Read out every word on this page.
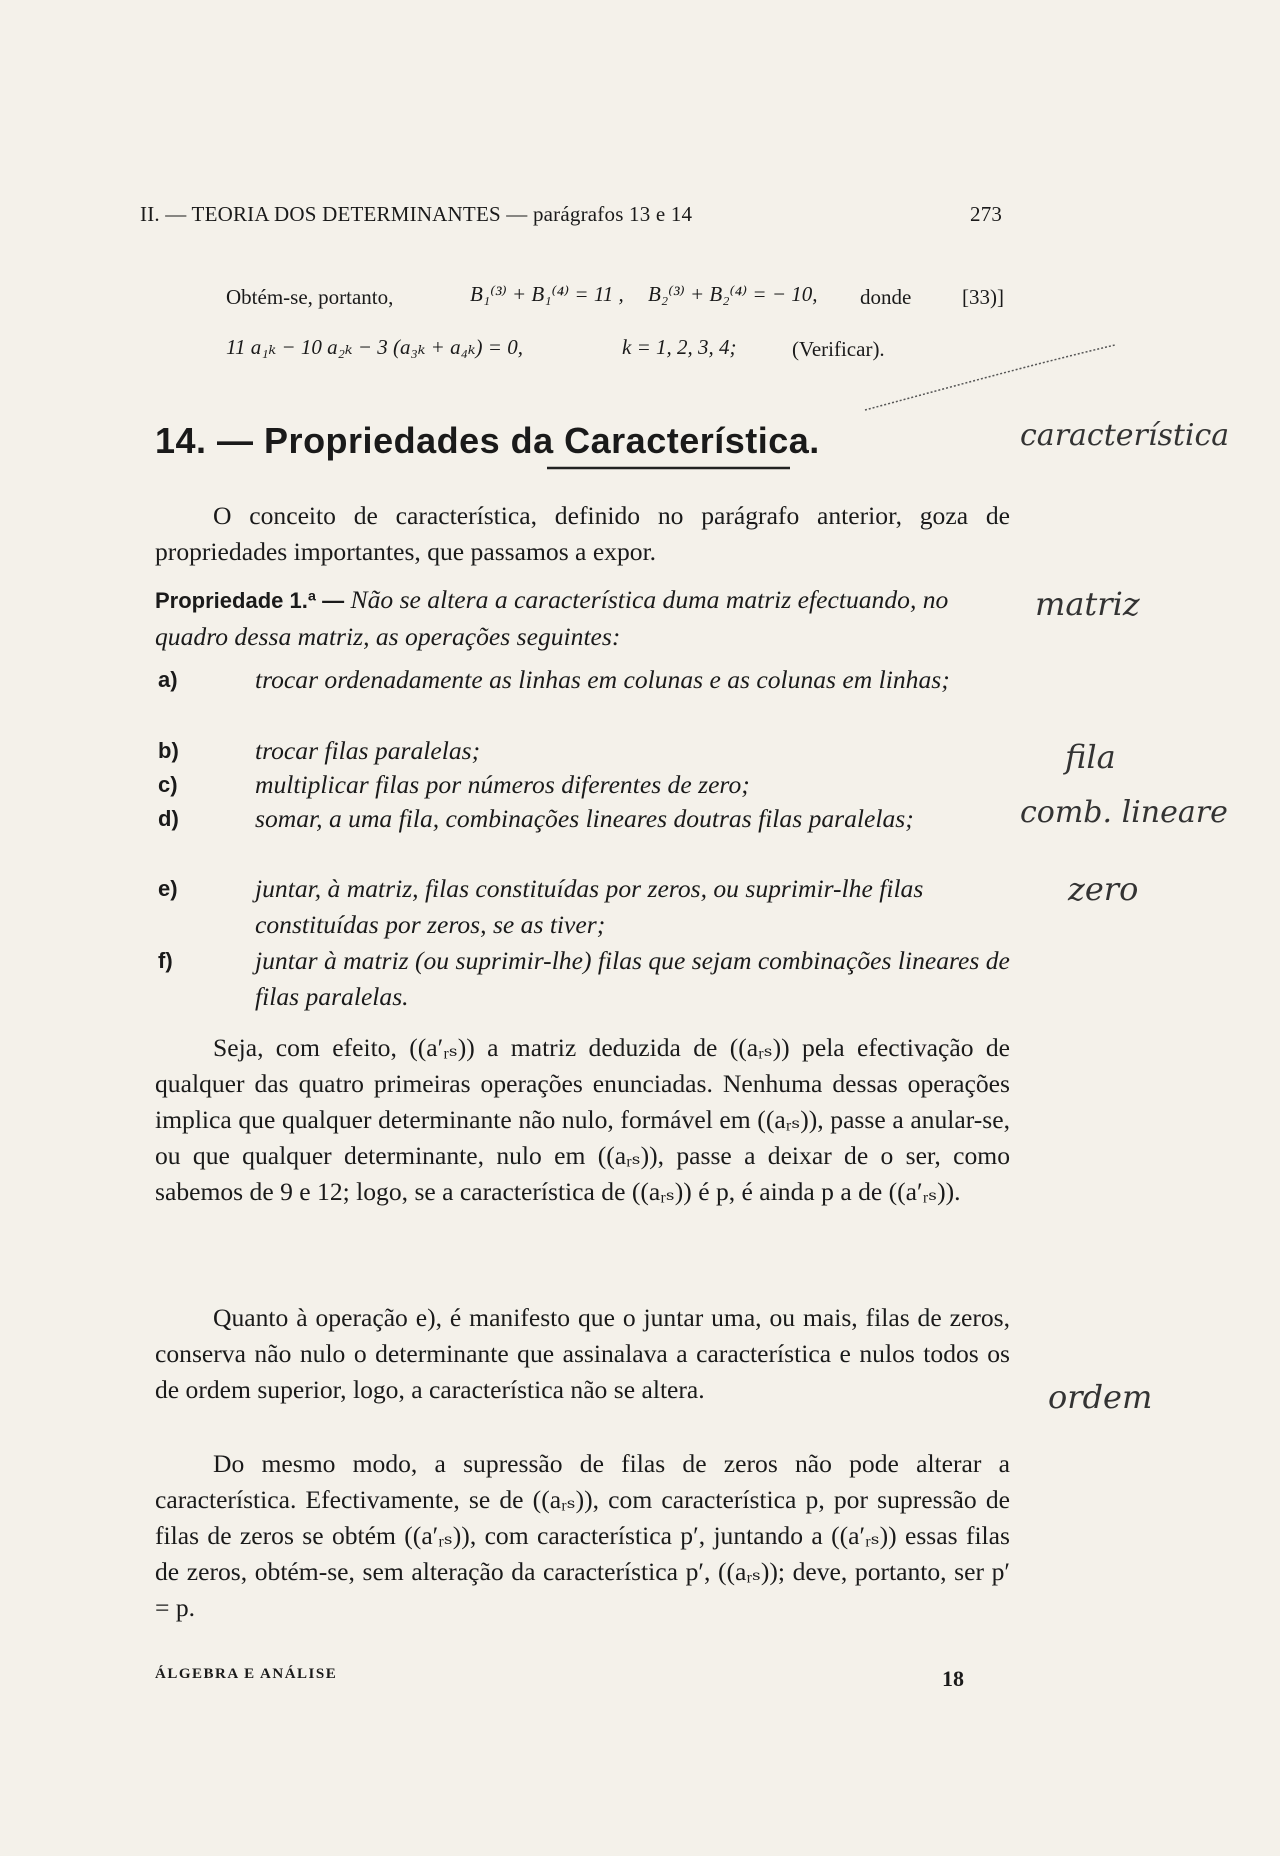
II. — TEORIA DOS DETERMINANTES — parágrafos 13 e 14	273
Obtém-se, portanto,	B₁⁽³⁾ + B₁⁽⁴⁾ = 11 , B₂⁽³⁾ + B₂⁽⁴⁾ = − 10, donde [33)]
11 a₁ₖ − 10 a₂ₖ − 3 (a₃ₖ + a₄ₖ) = 0,	k = 1, 2, 3, 4;	(Verificar).
14. — Propriedades da Característica.
O conceito de característica, definido no parágrafo anterior, goza de propriedades importantes, que passamos a expor.
Propriedade 1.ª — Não se altera a característica duma matriz efectuando, no quadro dessa matriz, as operações seguintes:
a)	trocar ordenadamente as linhas em colunas e as colunas em linhas;
b)	trocar filas paralelas;
c)	multiplicar filas por números diferentes de zero;
d)	somar, a uma fila, combinações lineares doutras filas paralelas;
e)	juntar, à matriz, filas constituídas por zeros, ou suprimir-lhe filas constituídas por zeros, se as tiver;
f)	juntar à matriz (ou suprimir-lhe) filas que sejam combinações lineares de filas paralelas.
Seja, com efeito, ((a′ᵣₛ)) a matriz deduzida de ((aᵣₛ)) pela efectivação de qualquer das quatro primeiras operações enunciadas. Nenhuma dessas operações implica que qualquer determinante não nulo, formável em ((aᵣₛ)), passe a anular-se, ou que qualquer determinante, nulo em ((aᵣₛ)), passe a deixar de o ser, como sabemos de 9 e 12; logo, se a característica de ((aᵣₛ)) é p, é ainda p a de ((a′ᵣₛ)).
Quanto à operação e), é manifesto que o juntar uma, ou mais, filas de zeros, conserva não nulo o determinante que assinalava a característica e nulos todos os de ordem superior, logo, a característica não se altera.
Do mesmo modo, a supressão de filas de zeros não pode alterar a característica. Efectivamente, se de ((aᵣₛ)), com característica p, por supressão de filas de zeros se obtém ((a′ᵣₛ)), com característica p′, juntando a ((a′ᵣₛ)) essas filas de zeros, obtém-se, sem alteração da característica p′, ((aᵣₛ)); deve, portanto, ser p′ = p.
característica
matriz
fila
comb. lineare
zero
ordem
ÁLGEBRA E ANÁLISE	18
